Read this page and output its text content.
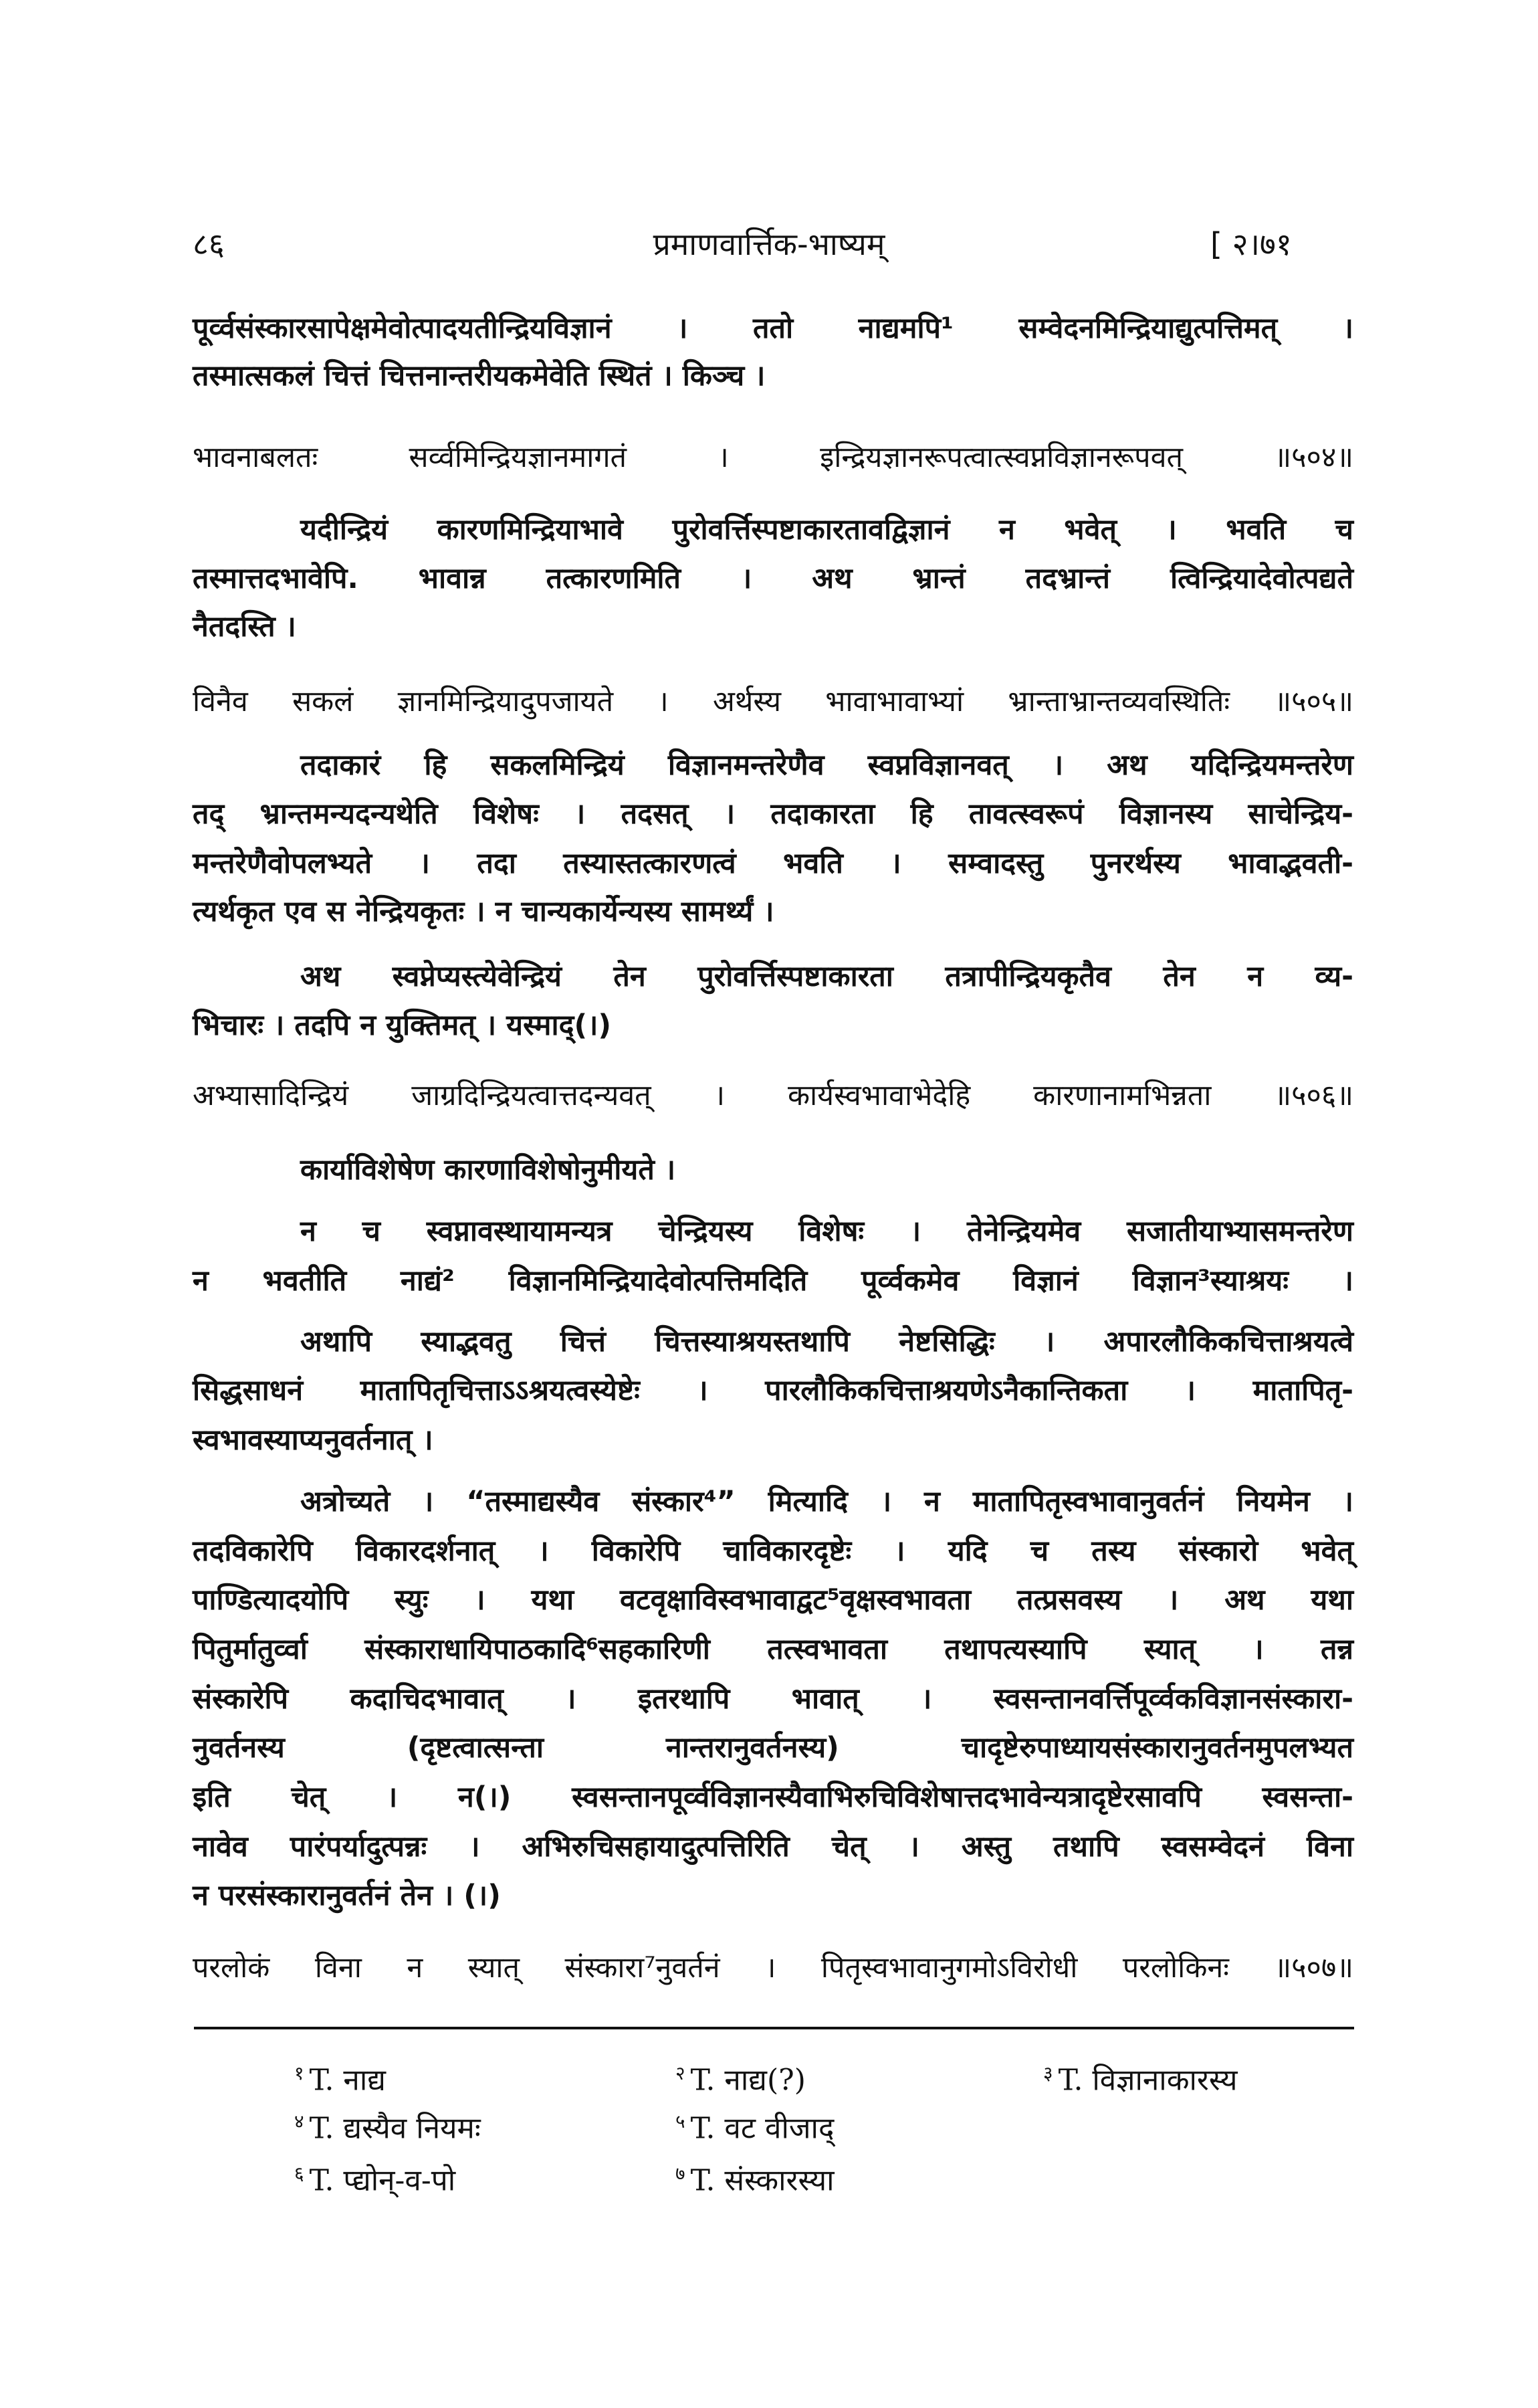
८६	प्रमाणवार्त्तिक-भाष्यम्	[ २।७१
पूर्व्वसंस्कारसापेक्षमेवोत्पादयतीन्द्रियविज्ञानं । ततो नाद्यमपि¹ सम्वेदनमिन्द्रियाद्युत्पत्तिमत् ।
तस्मात्सकलं चित्तं चित्तनान्तरीयकमेवेति स्थितं । किञ्च ।
भावनाबलतः सर्व्वमिन्द्रियज्ञानमागतं । इन्द्रियज्ञानरूपत्वात्स्वप्नविज्ञानरूपवत् ॥५०४॥
यदीन्द्रियं कारणमिन्द्रियाभावे पुरोवर्त्तिस्पष्टाकारतावद्विज्ञानं न भवेत् । भवति च
तस्मात्तदभावेपि. भावान्न तत्कारणमिति । अथ भ्रान्तं तदभ्रान्तं त्विन्द्रियादेवोत्पद्यते
नैतदस्ति ।
विनैव सकलं ज्ञानमिन्द्रियादुपजायते । अर्थस्य भावाभावाभ्यां भ्रान्ताभ्रान्तव्यवस्थितिः ॥५०५॥
तदाकारं हि सकलमिन्द्रियं विज्ञानमन्तरेणैव स्वप्नविज्ञानवत् । अथ यदिन्द्रियमन्तरेण
तद् भ्रान्तमन्यदन्यथेति विशेषः । तदसत् । तदाकारता हि तावत्स्वरूपं विज्ञानस्य साचेन्द्रिय-
मन्तरेणैवोपलभ्यते । तदा तस्यास्तत्कारणत्वं भवति । सम्वादस्तु पुनरर्थस्य भावाद्भवती-
त्यर्थकृत एव स नेन्द्रियकृतः । न चान्यकार्येन्यस्य सामर्थ्यं ।
अथ स्वप्नेप्यस्त्येवेन्द्रियं तेन पुरोवर्त्तिस्पष्टाकारता तत्रापीन्द्रियकृतैव तेन न व्य-
भिचारः । तदपि न युक्तिमत् । यस्माद्(।)
अभ्यासादिन्द्रियं जाग्रदिन्द्रियत्वात्तदन्यवत् । कार्यस्वभावाभेदेहि कारणानामभिन्नता ॥५०६॥
कार्याविशेषेण कारणाविशेषोनुमीयते ।
न च स्वप्नावस्थायामन्यत्र चेन्द्रियस्य विशेषः । तेनेन्द्रियमेव सजातीयाभ्यासमन्तरेण
न भवतीति नाद्यं² विज्ञानमिन्द्रियादेवोत्पत्तिमदिति पूर्व्वकमेव विज्ञानं विज्ञान³स्याश्रयः ।
अथापि स्याद्भवतु चित्तं चित्तस्याश्रयस्तथापि नेष्टसिद्धिः । अपारलौकिकचित्ताश्रयत्वे
सिद्धसाधनं मातापितृचित्ताऽऽश्रयत्वस्येष्टेः । पारलौकिकचित्ताश्रयणेऽनैकान्तिकता । मातापितृ-
स्वभावस्याप्यनुवर्तनात् ।
अत्रोच्यते । “तस्माद्यस्यैव संस्कार⁴” मित्यादि । न मातापितृस्वभावानुवर्तनं नियमेन ।
तदविकारेपि विकारदर्शनात् । विकारेपि चाविकारदृष्टेः । यदि च तस्य संस्कारो भवेत्
पाण्डित्यादयोपि स्युः । यथा वटवृक्षाविस्वभावाद्वट⁵वृक्षस्वभावता तत्प्रसवस्य । अथ यथा
पितुर्मातुर्व्वा संस्काराधायिपाठकादि⁶सहकारिणी तत्स्वभावता तथापत्यस्यापि स्यात् । तन्न
संस्कारेपि कदाचिदभावात् । इतरथापि भावात् । स्वसन्तानवर्त्तिपूर्व्वकविज्ञानसंस्कारा-
नुवर्तनस्य (दृष्टत्वात्सन्ता नान्तरानुवर्तनस्य) चादृष्टेरुपाध्यायसंस्कारानुवर्तनमुपलभ्यत
इति चेत् । न(।) स्वसन्तानपूर्व्वविज्ञानस्यैवाभिरुचिविशेषात्तदभावेन्यत्रादृष्टेरसावपि स्वसन्ता-
नावेव पारंपर्यादुत्पन्नः । अभिरुचिसहायादुत्पत्तिरिति चेत् । अस्तु तथापि स्वसम्वेदनं विना
न परसंस्कारानुवर्तनं तेन । (।)
परलोकं विना न स्यात् संस्कारा⁷नुवर्तनं । पितृस्वभावानुगमोऽविरोधी परलोकिनः ॥५०७॥
$^१$ T. नाद्य	$^२$ T. नाद्य(?)	$^३$ T. विज्ञानाकारस्य
$^४$ T. द्यस्यैव नियमः	$^५$ T. वट वीजाद्
$^६$ T. प्द्योन्-व-पो	$^७$ T. संस्कारस्या
